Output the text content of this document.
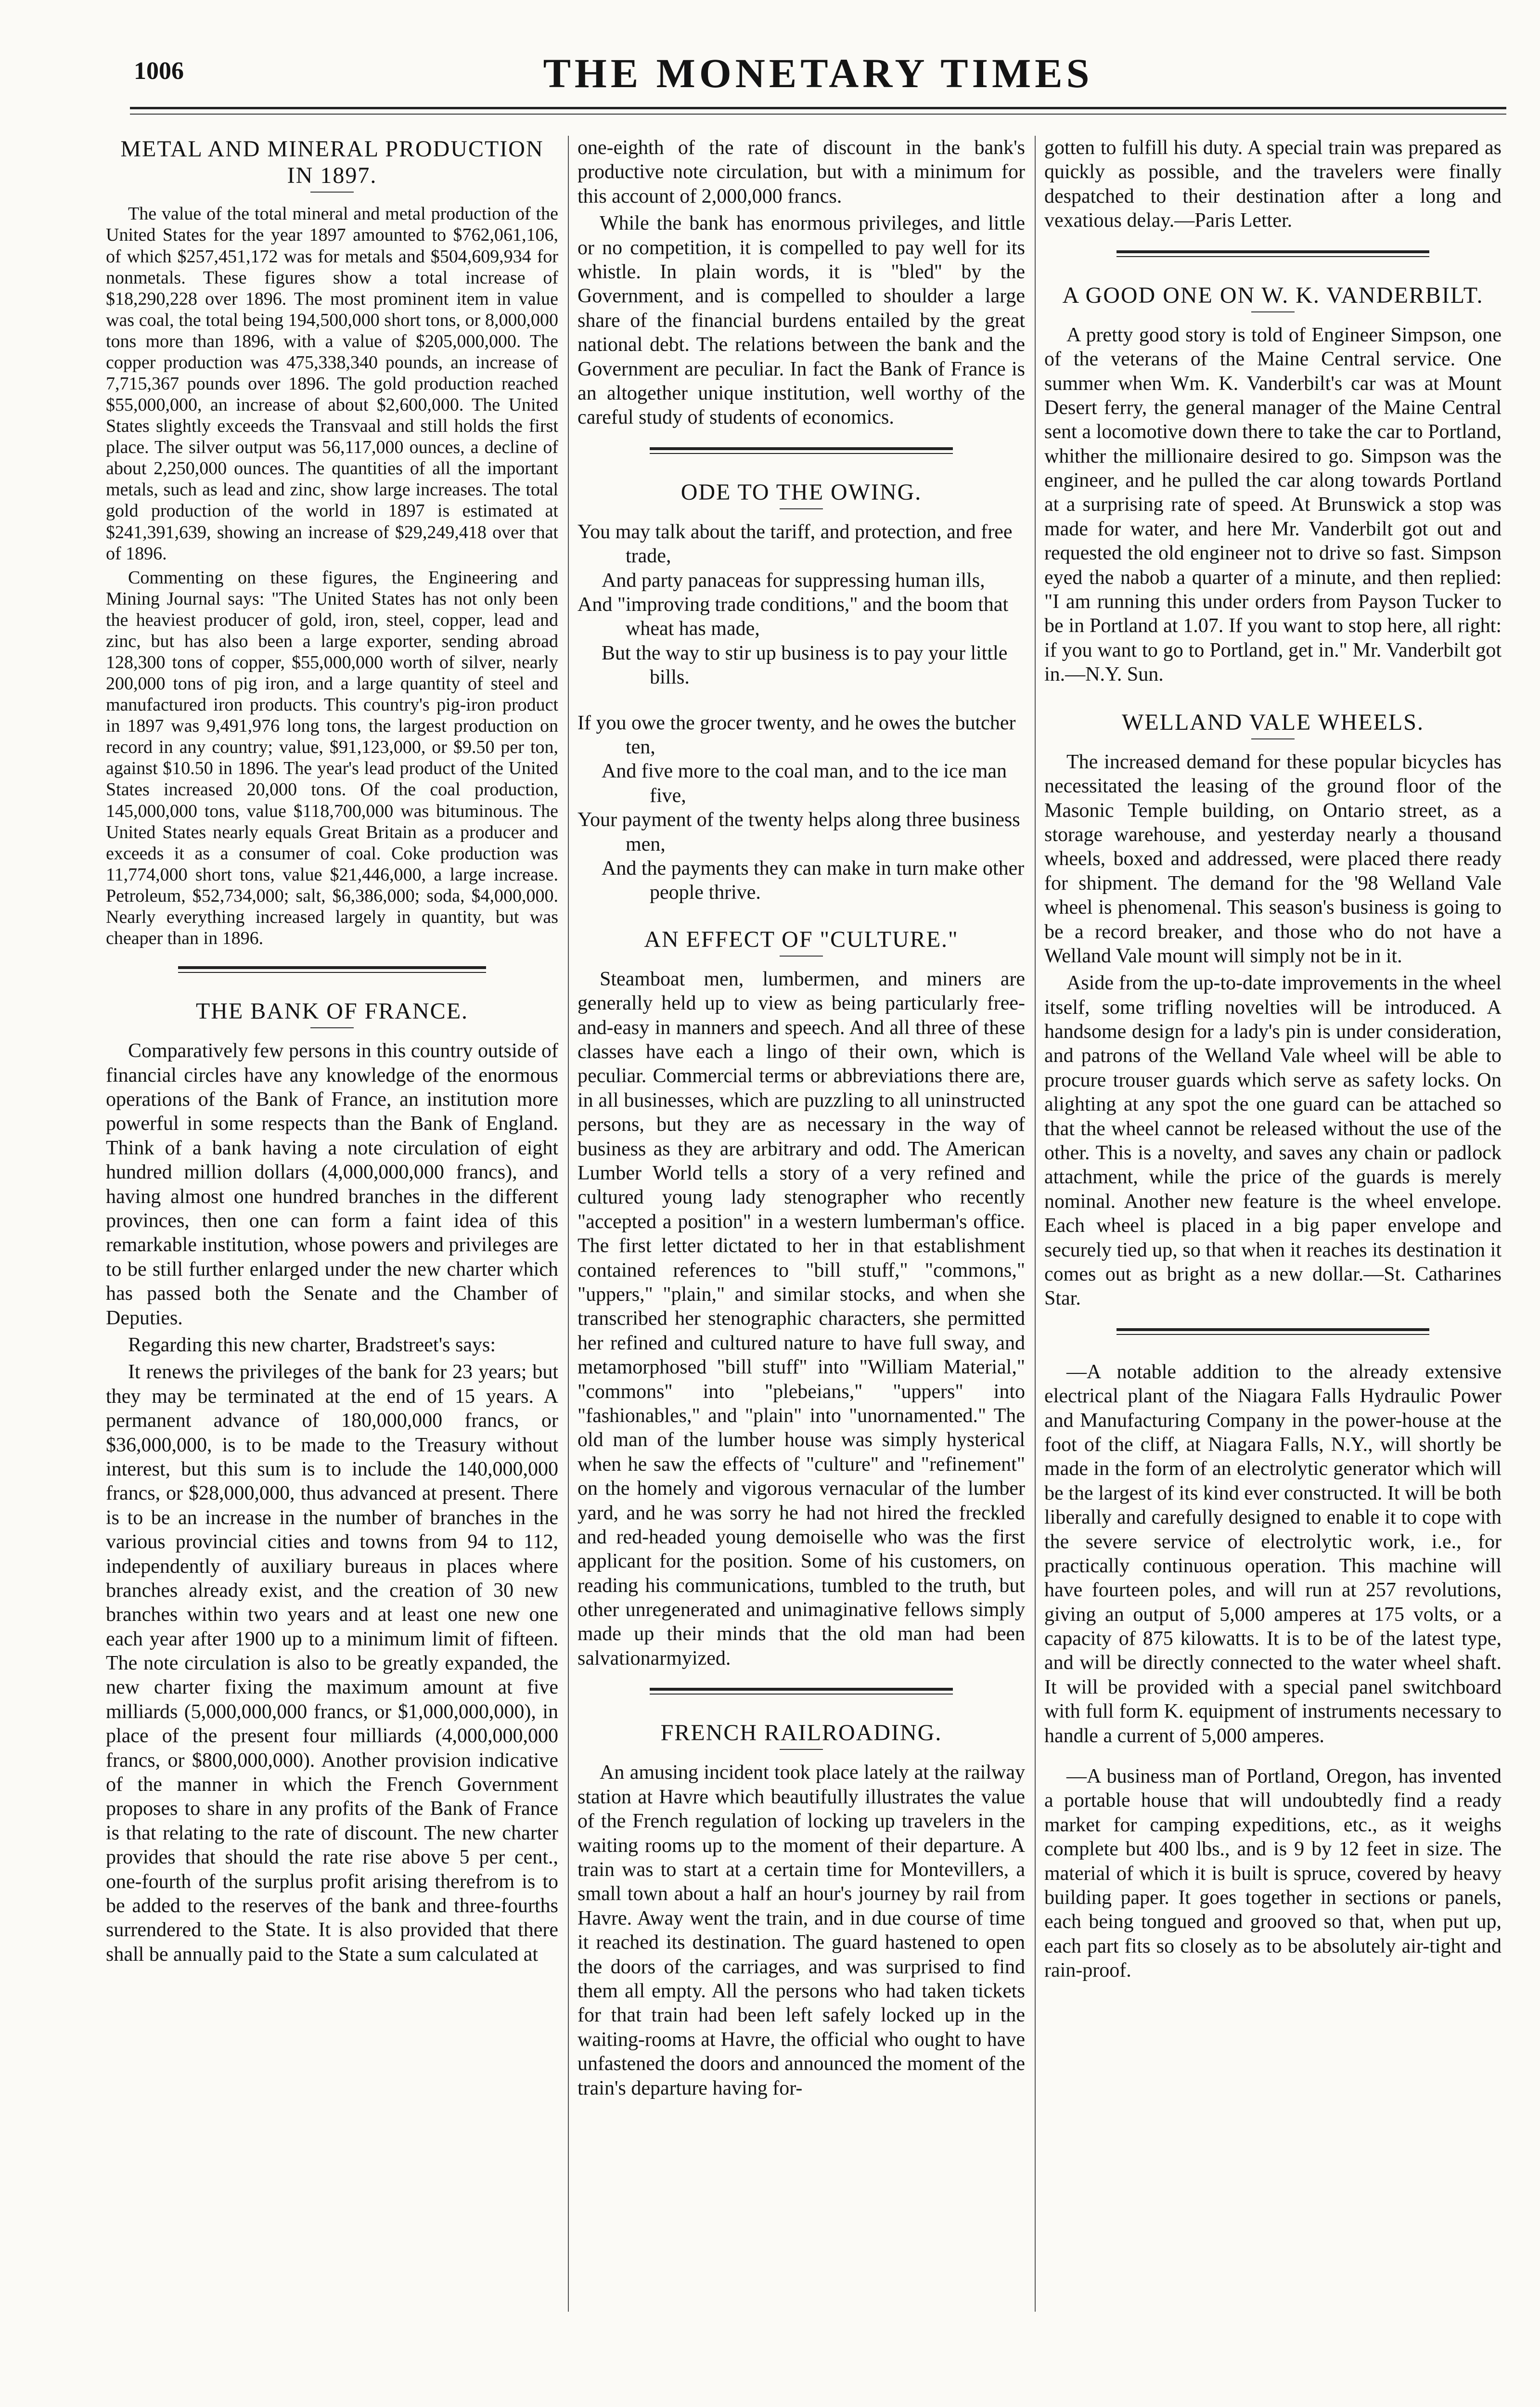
1006	THE MONETARY TIMES
METAL AND MINERAL PRODUCTION IN 1897.

The value of the total mineral and metal production of the United States for the year 1897 amounted to $762,061,106, of which $257,451,172 was for metals and $504,609,934 for nonmetals. These figures show a total increase of $18,290,228 over 1896. The most prominent item in value was coal, the total being 194,500,000 short tons, or 8,000,000 tons more than 1896, with a value of $205,000,000. The copper production was 475,338,340 pounds, an increase of 7,715,367 pounds over 1896. The gold production reached $55,000,000, an increase of about $2,600,000. The United States slightly exceeds the Transvaal and still holds the first place. The silver output was 56,117,000 ounces, a decline of about 2,250,000 ounces. The quantities of all the important metals, such as lead and zinc, show large increases. The total gold production of the world in 1897 is estimated at $241,391,639, showing an increase of $29,249,418 over that of 1896.

Commenting on these figures, the Engineering and Mining Journal says: "The United States has not only been the heaviest producer of gold, iron, steel, copper, lead and zinc, but has also been a large exporter, sending abroad 128,300 tons of copper, $55,000,000 worth of silver, nearly 200,000 tons of pig iron, and a large quantity of steel and manufactured iron products. This country's pig-iron product in 1897 was 9,491,976 long tons, the largest production on record in any country; value, $91,123,000, or $9.50 per ton, against $10.50 in 1896. The year's lead product of the United States increased 20,000 tons. Of the coal production, 145,000,000 tons, value $118,700,000 was bituminous. The United States nearly equals Great Britain as a producer and exceeds it as a consumer of coal. Coke production was 11,774,000 short tons, value $21,446,000, a large increase. Petroleum, $52,734,000; salt, $6,386,000; soda, $4,000,000. Nearly everything increased largely in quantity, but was cheaper than in 1896.

THE BANK OF FRANCE.

Comparatively few persons in this country outside of financial circles have any knowledge of the enormous operations of the Bank of France, an institution more powerful in some respects than the Bank of England. Think of a bank having a note circulation of eight hundred million dollars (4,000,000,000 francs), and having almost one hundred branches in the different provinces, then one can form a faint idea of this remarkable institution, whose powers and privileges are to be still further enlarged under the new charter which has passed both the Senate and the Chamber of Deputies.

Regarding this new charter, Bradstreet's says:

It renews the privileges of the bank for 23 years; but they may be terminated at the end of 15 years. A permanent advance of 180,000,000 francs, or $36,000,000, is to be made to the Treasury without interest, but this sum is to include the 140,000,000 francs, or $28,000,000, thus advanced at present. There is to be an increase in the number of branches in the various provincial cities and towns from 94 to 112, independently of auxiliary bureaus in places where branches already exist, and the creation of 30 new branches within two years and at least one new one each year after 1900 up to a minimum limit of fifteen. The note circulation is also to be greatly expanded, the new charter fixing the maximum amount at five milliards (5,000,000,000 francs, or $1,000,000,000), in place of the present four milliards (4,000,000,000 francs, or $800,000,000). Another provision indicative of the manner in which the French Government proposes to share in any profits of the Bank of France is that relating to the rate of discount. The new charter provides that should the rate rise above 5 per cent., one-fourth of the surplus profit arising therefrom is to be added to the reserves of the bank and three-fourths surrendered to the State. It is also provided that there shall be annually paid to the State a sum calculated at

one-eighth of the rate of discount in the bank's productive note circulation, but with a minimum for this account of 2,000,000 francs.

While the bank has enormous privileges, and little or no competition, it is compelled to pay well for its whistle. In plain words, it is "bled" by the Government, and is compelled to shoulder a large share of the financial burdens entailed by the great national debt. The relations between the bank and the Government are peculiar. In fact the Bank of France is an altogether unique institution, well worthy of the careful study of students of economics.

ODE TO THE OWING.
You may talk about the tariff, and protection, and free trade,
And party panaceas for suppressing human ills,
And "improving trade conditions," and the boom that wheat has made,
But the way to stir up business is to pay your little bills.
If you owe the grocer twenty, and he owes the butcher ten,
And five more to the coal man, and to the ice man five,
Your payment of the twenty helps along three business men,
And the payments they can make in turn make other people thrive.
AN EFFECT OF "CULTURE."

Steamboat men, lumbermen, and miners are generally held up to view as being particularly free-and-easy in manners and speech. And all three of these classes have each a lingo of their own, which is peculiar. Commercial terms or abbreviations there are, in all businesses, which are puzzling to all uninstructed persons, but they are as necessary in the way of business as they are arbitrary and odd. The American Lumber World tells a story of a very refined and cultured young lady stenographer who recently "accepted a position" in a western lumberman's office. The first letter dictated to her in that establishment contained references to "bill stuff," "commons," "uppers," "plain," and similar stocks, and when she transcribed her stenographic characters, she permitted her refined and cultured nature to have full sway, and metamorphosed "bill stuff" into "William Material," "commons" into "plebeians," "uppers" into "fashionables," and "plain" into "unornamented." The old man of the lumber house was simply hysterical when he saw the effects of "culture" and "refinement" on the homely and vigorous vernacular of the lumber yard, and he was sorry he had not hired the freckled and red-headed young demoiselle who was the first applicant for the position. Some of his customers, on reading his communications, tumbled to the truth, but other unregenerated and unimaginative fellows simply made up their minds that the old man had been salvationarmyized.

FRENCH RAILROADING.

An amusing incident took place lately at the railway station at Havre which beautifully illustrates the value of the French regulation of locking up travelers in the waiting rooms up to the moment of their departure. A train was to start at a certain time for Montevillers, a small town about a half an hour's journey by rail from Havre. Away went the train, and in due course of time it reached its destination. The guard hastened to open the doors of the carriages, and was surprised to find them all empty. All the persons who had taken tickets for that train had been left safely locked up in the waiting-rooms at Havre, the official who ought to have unfastened the doors and announced the moment of the train's departure having for-

gotten to fulfill his duty. A special train was prepared as quickly as possible, and the travelers were finally despatched to their destination after a long and vexatious delay.—Paris Letter.

A GOOD ONE ON W. K. VANDERBILT.

A pretty good story is told of Engineer Simpson, one of the veterans of the Maine Central service. One summer when Wm. K. Vanderbilt's car was at Mount Desert ferry, the general manager of the Maine Central sent a locomotive down there to take the car to Portland, whither the millionaire desired to go. Simpson was the engineer, and he pulled the car along towards Portland at a surprising rate of speed. At Brunswick a stop was made for water, and here Mr. Vanderbilt got out and requested the old engineer not to drive so fast. Simpson eyed the nabob a quarter of a minute, and then replied: "I am running this under orders from Payson Tucker to be in Portland at 1.07. If you want to stop here, all right: if you want to go to Portland, get in." Mr. Vanderbilt got in.—N.Y. Sun.

WELLAND VALE WHEELS.

The increased demand for these popular bicycles has necessitated the leasing of the ground floor of the Masonic Temple building, on Ontario street, as a storage warehouse, and yesterday nearly a thousand wheels, boxed and addressed, were placed there ready for shipment. The demand for the '98 Welland Vale wheel is phenomenal. This season's business is going to be a record breaker, and those who do not have a Welland Vale mount will simply not be in it.

Aside from the up-to-date improvements in the wheel itself, some trifling novelties will be introduced. A handsome design for a lady's pin is under consideration, and patrons of the Welland Vale wheel will be able to procure trouser guards which serve as safety locks. On alighting at any spot the one guard can be attached so that the wheel cannot be released without the use of the other. This is a novelty, and saves any chain or padlock attachment, while the price of the guards is merely nominal. Another new feature is the wheel envelope. Each wheel is placed in a big paper envelope and securely tied up, so that when it reaches its destination it comes out as bright as a new dollar.—St. Catharines Star.

—A notable addition to the already extensive electrical plant of the Niagara Falls Hydraulic Power and Manufacturing Company in the power-house at the foot of the cliff, at Niagara Falls, N.Y., will shortly be made in the form of an electrolytic generator which will be the largest of its kind ever constructed. It will be both liberally and carefully designed to enable it to cope with the severe service of electrolytic work, i.e., for practically continuous operation. This machine will have fourteen poles, and will run at 257 revolutions, giving an output of 5,000 amperes at 175 volts, or a capacity of 875 kilowatts. It is to be of the latest type, and will be directly connected to the water wheel shaft. It will be provided with a special panel switchboard with full form K. equipment of instruments necessary to handle a current of 5,000 amperes.

—A business man of Portland, Oregon, has invented a portable house that will undoubtedly find a ready market for camping expeditions, etc., as it weighs complete but 400 lbs., and is 9 by 12 feet in size. The material of which it is built is spruce, covered by heavy building paper. It goes together in sections or panels, each being tongued and grooved so that, when put up, each part fits so closely as to be absolutely air-tight and rain-proof.
